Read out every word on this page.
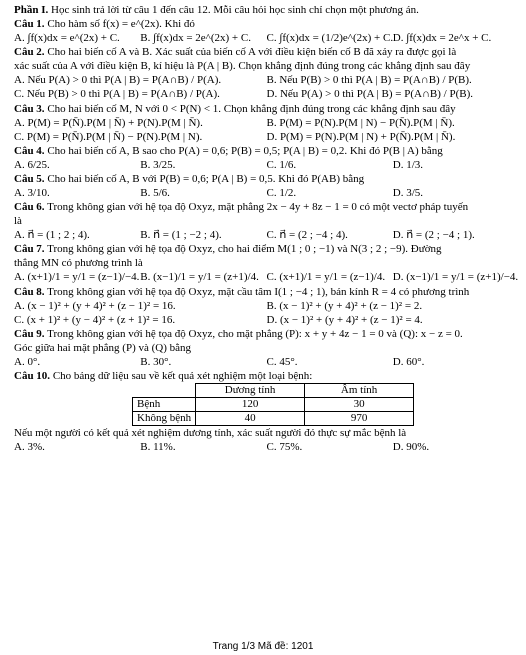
Phần I. Học sinh trả lời từ câu 1 đến câu 12. Mỗi câu hỏi học sinh chỉ chọn một phương án.
Câu 1. Cho hàm số f(x) = e^(2x). Khi đó
A. ∫f(x)dx = e^(2x) + C.	B. ∫f(x)dx = 2e^(2x) + C.	C. ∫f(x)dx = (1/2)e^(2x) + C. D. ∫f(x)dx = 2e^x + C.
Câu 2. Cho hai biến cố A và B. Xác suất của biến cố A với điều kiện biến cố B đã xảy ra được gọi là
xác suất của A với điều kiện B, kí hiệu là P(A | B). Chọn khẳng định đúng trong các khẳng định sau đây
A. Nếu P(A) > 0 thì P(A | B) = P(A∩B) / P(A).	B. Nếu P(B) > 0 thì P(A | B) = P(A∩B) / P(B).
C. Nếu P(B) > 0 thì P(A | B) = P(A∩B) / P(A).	D. Nếu P(A) > 0 thì P(A | B) = P(A∩B) / P(B).
Câu 3. Cho hai biến cố M, N với 0 < P(N) < 1. Chọn khẳng định đúng trong các khẳng định sau đây
A. P(M) = P(N̄).P(M | N̄) + P(N).P(M | N̄).	B. P(M) = P(N).P(M | N) − P(N̄).P(M | N̄).
C. P(M) = P(N̄).P(M | N̄) − P(N).P(M | N).	D. P(M) = P(N).P(M | N) + P(N̄).P(M | N̄).
Câu 4. Cho hai biến cố A, B sao cho P(A) = 0,6; P(B) = 0,5; P(A | B) = 0,2. Khi đó P(B | A) bằng
A. 6/25.	B. 3/25.	C. 1/6.	D. 1/3.
Câu 5. Cho hai biến cố A, B với P(B) = 0,6; P(A | B) = 0,5. Khi đó P(AB) bằng
A. 3/10.	B. 5/6.	C. 1/2.	D. 3/5.
Câu 6. Trong không gian với hệ tọa độ Oxyz, mặt phẳng 2x − 4y + 8z − 1 = 0 có một vectơ pháp tuyến
là
A. n⃗ = (1 ; 2 ; 4).	B. n⃗ = (1 ; −2 ; 4).	C. n⃗ = (2 ; −4 ; 4).	D. n⃗ = (2 ; −4 ; 1).
Câu 7. Trong không gian với hệ tọa độ Oxyz, cho hai điểm M(1 ; 0 ; −1) và N(3 ; 2 ; −9). Đường
thẳng MN có phương trình là
A. (x+1)/1 = y/1 = (z−1)/−4. B. (x−1)/1 = y/1 = (z+1)/4. C. (x+1)/1 = y/1 = (z−1)/4. D. (x−1)/1 = y/1 = (z+1)/−4.
Câu 8. Trong không gian với hệ tọa độ Oxyz, mặt cầu tâm I(1 ; −4 ; 1), bán kính R = 4 có phương trình
A. (x − 1)² + (y + 4)² + (z − 1)² = 16.	B. (x − 1)² + (y + 4)² + (z − 1)² = 2.
C. (x + 1)² + (y − 4)² + (z + 1)² = 16.	D. (x − 1)² + (y + 4)² + (z − 1)² = 4.
Câu 9. Trong không gian với hệ tọa độ Oxyz, cho mặt phẳng (P): x + y + 4z − 1 = 0 và (Q): x − z = 0.
Góc giữa hai mặt phẳng (P) và (Q) bằng
A. 0°.	B. 30°.	C. 45°.	D. 60°.
Câu 10. Cho bảng dữ liệu sau về kết quả xét nghiệm một loại bệnh:
	Dương tính	Âm tính
Bệnh	120	30
Không bệnh	40	970
Nếu một người có kết quả xét nghiệm dương tính, xác suất người đó thực sự mắc bệnh là
A. 3%.	B. 11%.	C. 75%.	D. 90%.
Trang 1/3 Mã đề: 1201
